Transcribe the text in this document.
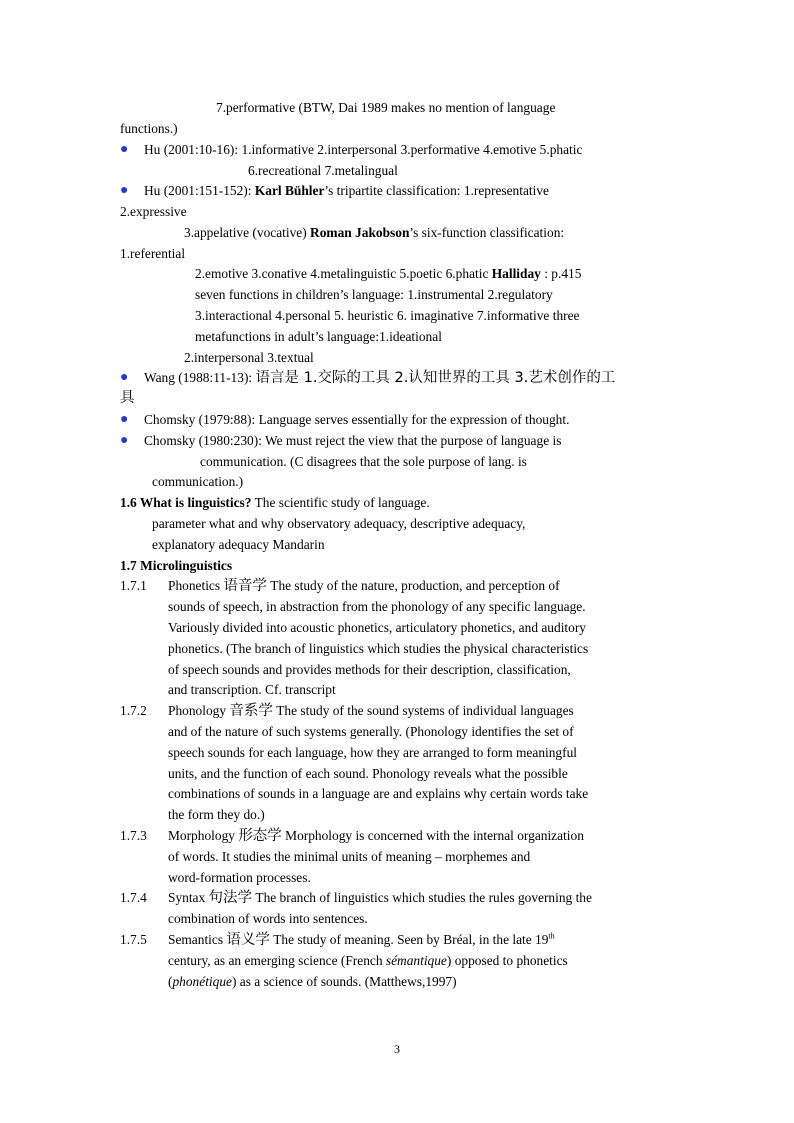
7.performative (BTW, Dai 1989 makes no mention of language
functions.)
● Hu (2001:10-16): 1.informative 2.interpersonal 3.performative 4.emotive 5.phatic
6.recreational 7.metalingual
● Hu (2001:151-152): Karl Bühler’s tripartite classification: 1.representative
2.expressive
3.appelative (vocative) Roman Jakobson’s six-function classification:
1.referential
2.emotive 3.conative 4.metalinguistic 5.poetic 6.phatic Halliday : p.415
seven functions in children’s language: 1.instrumental 2.regulatory
3.interactional 4.personal 5. heuristic 6. imaginative 7.informative three
metafunctions in adult’s language:1.ideational
2.interpersonal 3.textual
● Wang (1988:11-13): 语言是 1.交际的工具 2.认知世界的工具 3.艺术创作的工
具
● Chomsky (1979:88): Language serves essentially for the expression of thought.
● Chomsky (1980:230): We must reject the view that the purpose of language is
communication. (C disagrees that the sole purpose of lang. is
communication.)
1.6 What is linguistics? The scientific study of language.
parameter what and why observatory adequacy, descriptive adequacy,
explanatory adequacy Mandarin
1.7 Microlinguistics
1.7.1 Phonetics 语音学 The study of the nature, production, and perception of
sounds of speech, in abstraction from the phonology of any specific language.
Variously divided into acoustic phonetics, articulatory phonetics, and auditory
phonetics. (The branch of linguistics which studies the physical characteristics
of speech sounds and provides methods for their description, classification,
and transcription. Cf. transcript
1.7.2 Phonology 音系学 The study of the sound systems of individual languages
and of the nature of such systems generally. (Phonology identifies the set of
speech sounds for each language, how they are arranged to form meaningful
units, and the function of each sound. Phonology reveals what the possible
combinations of sounds in a language are and explains why certain words take
the form they do.)
1.7.3 Morphology 形态学 Morphology is concerned with the internal organization
of words. It studies the minimal units of meaning – morphemes and
word-formation processes.
1.7.4 Syntax 句法学 The branch of linguistics which studies the rules governing the
combination of words into sentences.
1.7.5 Semantics 语义学 The study of meaning. Seen by Bréal, in the late 19th
century, as an emerging science (French sémantique) opposed to phonetics
(phonétique) as a science of sounds. (Matthews,1997)
3
